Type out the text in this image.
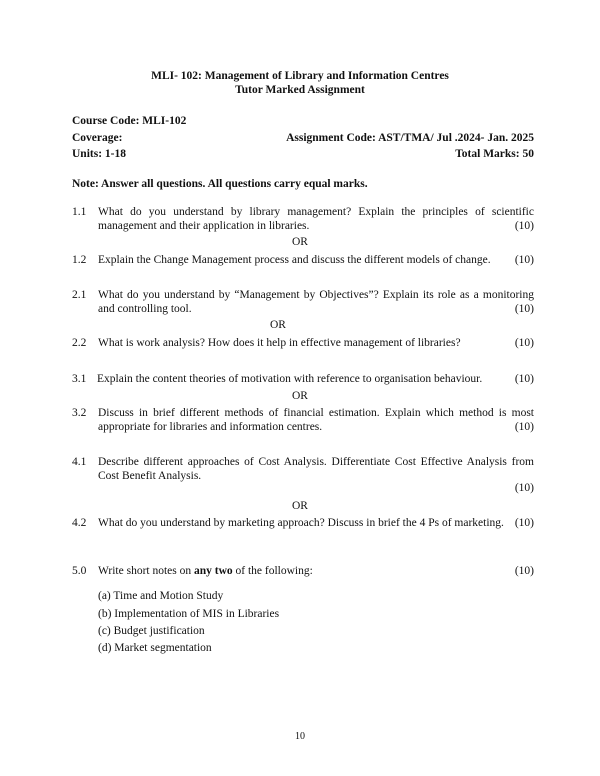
MLI- 102: Management of Library and Information Centres
Tutor Marked Assignment
Course Code: MLI-102
Coverage:	Assignment Code: AST/TMA/ Jul .2024- Jan. 2025
Units: 1-18	Total Marks: 50
Note: Answer all questions. All questions carry equal marks.
1.1 What do you understand by library management? Explain the principles of scientific management and their application in libraries.	(10)
OR
1.2 Explain the Change Management process and discuss the different models of change.	(10)
2.1 What do you understand by “Management by Objectives”? Explain its role as a monitoring and controlling tool.	(10)
OR
2.2 What is work analysis? How does it help in effective management of libraries?	(10)
3.1 Explain the content theories of motivation with reference to organisation behaviour.	(10)
OR
3.2 Discuss in brief different methods of financial estimation. Explain which method is most appropriate for libraries and information centres.	(10)
4.1 Describe different approaches of Cost Analysis. Differentiate Cost Effective Analysis from Cost Benefit Analysis.
(10)
OR
4.2 What do you understand by marketing approach? Discuss in brief the 4 Ps of marketing. (10)
5.0 Write short notes on any two of the following:	(10)
(a) Time and Motion Study
(b) Implementation of MIS in Libraries
(c) Budget justification
(d) Market segmentation
10
